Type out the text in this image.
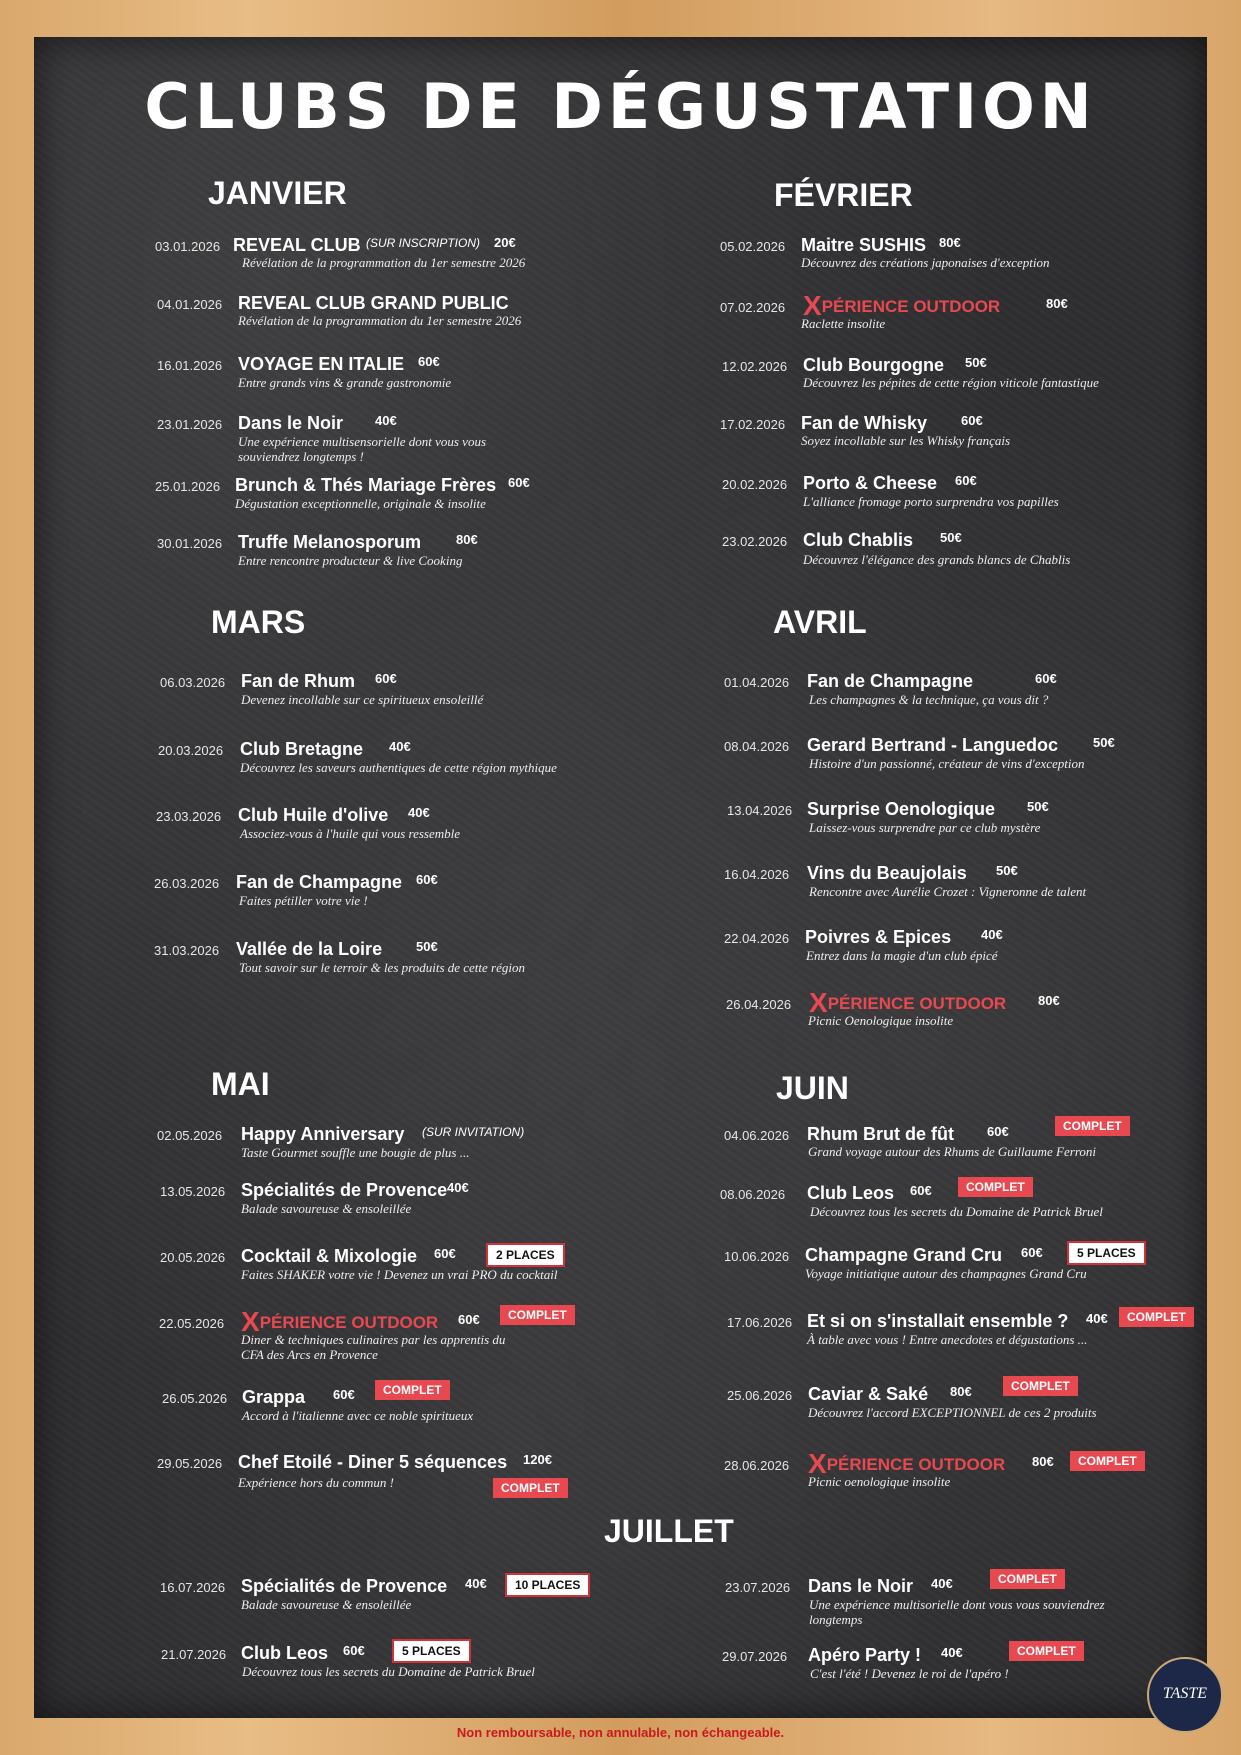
CLUBS DE DÉGUSTATION
JANVIER	FÉVRIER
MARS	AVRIL
MAI	JUIN
JUILLET
03.01.2026 REVEAL CLUB (SUR INSCRIPTION) 20€
Révélation de la programmation du 1er semestre 2026
04.01.2026 REVEAL CLUB GRAND PUBLIC
Révélation de la programmation du 1er semestre 2026
16.01.2026 VOYAGE EN ITALIE 60€
Entre grands vins & grande gastronomie
23.01.2026 Dans le Noir 40€
Une expérience multisensorielle dont vous vous souviendrez longtemps !
25.01.2026 Brunch & Thés Mariage Frères 60€
Dégustation exceptionnelle, originale & insolite
30.01.2026 Truffe Melanosporum	80€
Entre rencontre producteur & live Cooking
05.02.2026 Maitre SUSHIS 80€
Découvrez des créations japonaises d'exception
07.02.2026 XPÉRIENCE OUTDOOR	80€
Raclette insolite
12.02.2026 Club Bourgogne 50€
Découvrez les pépites de cette région viticole fantastique
17.02.2026 Fan de Whisky	60€
Soyez incollable sur les Whisky français
20.02.2026 Porto & Cheese 60€
L'alliance fromage porto surprendra vos papilles
23.02.2026 Club Chablis 50€
Découvrez l'élégance des grands blancs de Chablis
06.03.2026 Fan de Rhum 60€
Devenez incollable sur ce spiritueux ensoleillé
20.03.2026 Club Bretagne 40€
Découvrez les saveurs authentiques de cette région mythique
23.03.2026 Club Huile d'olive 40€
Associez-vous à l'huile qui vous ressemble
26.03.2026 Fan de Champagne 60€
Faites pétiller votre vie !
31.03.2026 Vallée de la Loire	50€
Tout savoir sur le terroir & les produits de cette région
01.04.2026 Fan de Champagne	60€
Les champagnes & la technique, ça vous dit ?
08.04.2026 Gerard Bertrand - Languedoc	50€
Histoire d'un passionné, créateur de vins d'exception
13.04.2026 Surprise Oenologique 50€
Laissez-vous surprendre par ce club mystère
16.04.2026 Vins du Beaujolais 50€
Rencontre avec Aurélie Crozet : Vigneronne de talent
22.04.2026 Poivres & Epices 40€
Entrez dans la magie d'un club épicé
26.04.2026 XPÉRIENCE OUTDOOR 80€
Picnic Oenologique insolite
02.05.2026 Happy Anniversary (SUR INVITATION)
Taste Gourmet souffle une bougie de plus ...
13.05.2026 Spécialités de Provence 40€
Balade savoureuse & ensoleillée
20.05.2026 Cocktail & Mixologie 60€	2 PLACES
Faites SHAKER votre vie ! Devenez un vrai PRO du cocktail
22.05.2026 XPÉRIENCE OUTDOOR 60€	COMPLET
Diner & techniques culinaires par les apprentis du CFA des Arcs en Provence
26.05.2026 Grappa 60€	COMPLET
Accord à l'italienne avec ce noble spiritueux
29.05.2026 Chef Etoilé - Diner 5 séquences 120€
COMPLET
Expérience hors du commun !
04.06.2026 Rhum Brut de fût	60€	COMPLET
Grand voyage autour des Rhums de Guillaume Ferroni
08.06.2026 Club Leos 60€	COMPLET
Découvrez tous les secrets du Domaine de Patrick Bruel
10.06.2026 Champagne Grand Cru 60€	5 PLACES
Voyage initiatique autour des champagnes Grand Cru
17.06.2026 Et si on s'installait ensemble ? 40€	COMPLET
À table avec vous ! Entre anecdotes et dégustations ...
25.06.2026 Caviar & Saké 80€	COMPLET
Découvrez l'accord EXCEPTIONNEL de ces 2 produits
28.06.2026 XPÉRIENCE OUTDOOR 80€	COMPLET
Picnic oenologique insolite
16.07.2026 Spécialités de Provence 40€	10 PLACES
Balade savoureuse & ensoleillée
21.07.2026 Club Leos 60€	5 PLACES
Découvrez tous les secrets du Domaine de Patrick Bruel
23.07.2026 Dans le Noir 40€	COMPLET
Une expérience multisorielle dont vous vous souviendrez longtemps
29.07.2026 Apéro Party ! 40€	COMPLET
C'est l'été ! Devenez le roi de l'apéro !
TASTE
Non remboursable, non annulable, non échangeable.
